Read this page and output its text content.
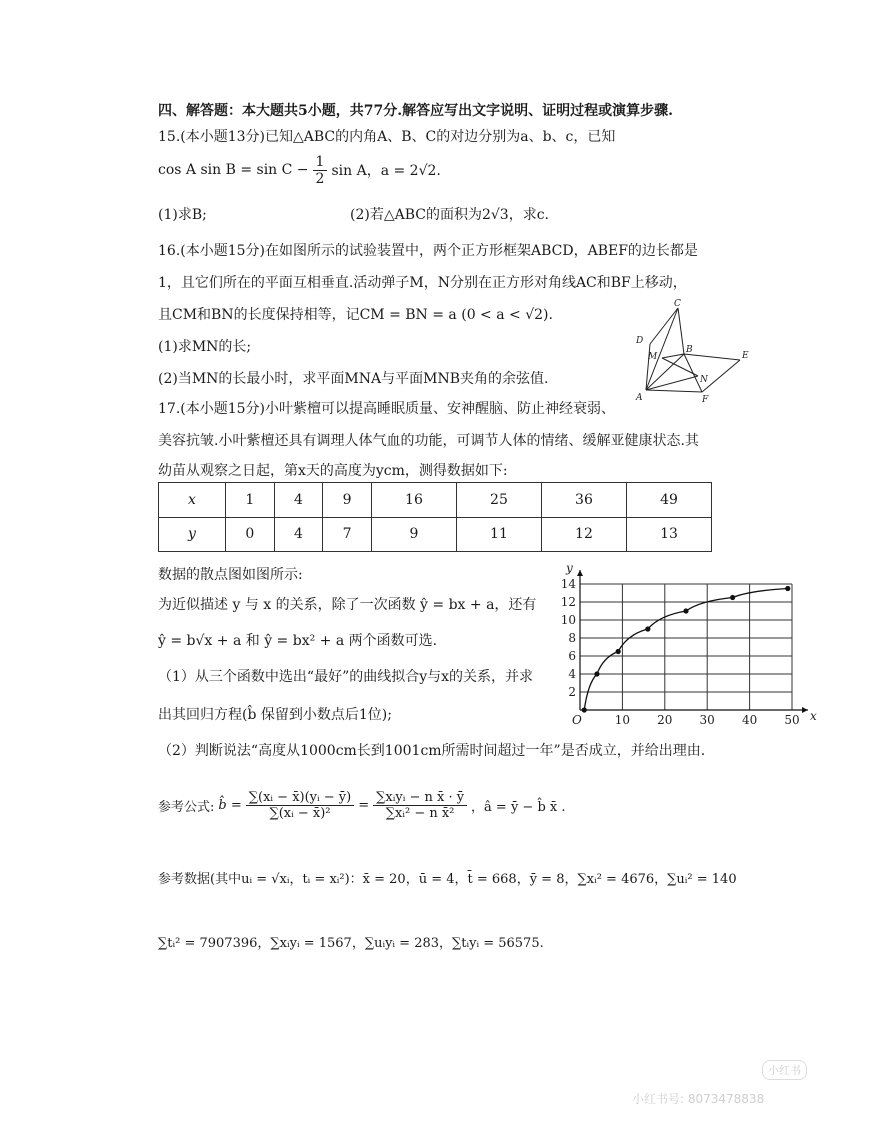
四、解答题：本大题共5小题，共77分.解答应写出文字说明、证明过程或演算步骤.
15.(本小题13分)已知△ABC的内角A、B、C的对边分别为a、b、c，已知
cos A $\sin B = \sin C - \frac{1}{2}$ sin A，a = 2√2.
(1)求B;	(2)若△ABC的面积为2√3，求c.
16.(本小题15分)在如图所示的试验装置中，两个正方形框架ABCD，ABEF的边长都是
1，且它们所在的平面互相垂直.活动弹子M，N分别在正方形对角线AC和BF上移动，
且CM和BN的长度保持相等，记CM = BN = a (0 < a < √2).
(1)求MN的长;
(2)当MN的长最小时，求平面MNA与平面MNB夹角的余弦值.
A
B
C
D
E
F
M
N
17.(本小题15分)小叶紫檀可以提高睡眠质量、安神醒脑、防止神经衰弱、
美容抗皱.小叶紫檀还具有调理人体气血的功能，可调节人体的情绪、缓解亚健康状态.其
幼苗从观察之日起，第x天的高度为ycm，测得数据如下:
x	1	4	9	16	25	36	49
y	0	4	7	9	11	12	13
数据的散点图如图所示:
为近似描述 y 与 x 的关系，除了一次函数 ŷ = bx + a，还有
ŷ = b√x + a 和 ŷ = bx² + a 两个函数可选.
（1）从三个函数中选出“最好”的曲线拟合y与x的关系，并求
出其回归方程(b̂ 保留到小数点后1位);
（2）判断说法“高度从1000cm长到1001cm所需时间超过一年”是否成立，并给出理由.
10 20 30 40 50
2
4
6
8
10
12
14
O	x
y
参考公式: b̂ = $\frac{\text{∑(xᵢ − x̄)(yᵢ − ȳ)}}{\text{∑(xᵢ − x̄)²}} = \frac{\text{∑xᵢyᵢ − n x̄ · ȳ}}{\text{∑xᵢ² − n x̄²}}$ ，â = ȳ − b̂ x̄ .
参考数据(其中uᵢ = √xᵢ，tᵢ = xᵢ²)：x̄ = 20，ū = 4，t̄ = 668，ȳ = 8，∑xᵢ² = 4676，∑uᵢ² = 140
∑tᵢ² = 7907396，∑xᵢyᵢ = 1567，∑uᵢyᵢ = 283，∑tᵢyᵢ = 56575.
小红书
小红书号: 8073478838
